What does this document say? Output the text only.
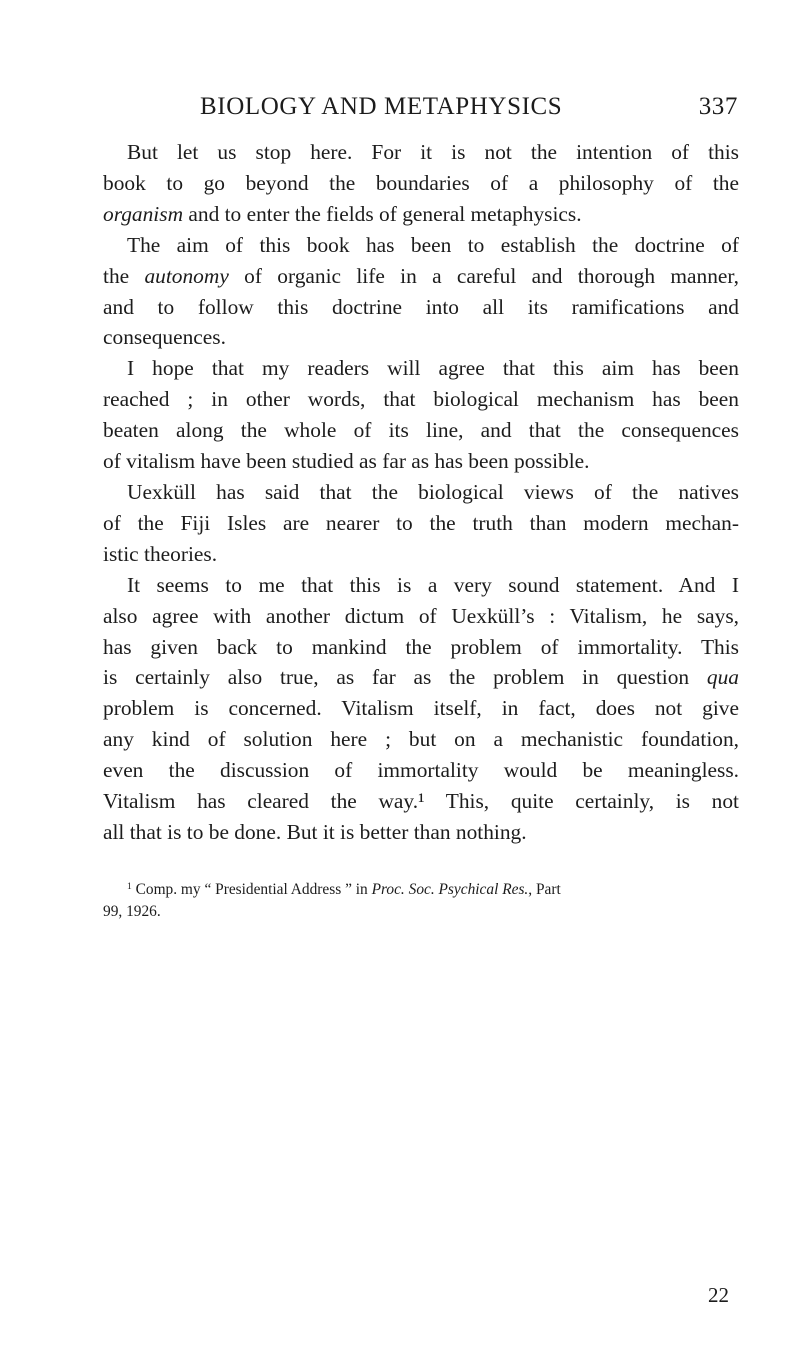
BIOLOGY AND METAPHYSICS	337

But let us stop here. For it is not the intention of this
book to go beyond the boundaries of a philosophy of the
organism and to enter the fields of general metaphysics.

The aim of this book has been to establish the doctrine of
the autonomy of organic life in a careful and thorough manner,
and to follow this doctrine into all its ramifications and
consequences.

I hope that my readers will agree that this aim has been
reached ; in other words, that biological mechanism has been
beaten along the whole of its line, and that the consequences
of vitalism have been studied as far as has been possible.

Uexküll has said that the biological views of the natives
of the Fiji Isles are nearer to the truth than modern mechan-
istic theories.

It seems to me that this is a very sound statement. And I
also agree with another dictum of Uexküll’s : Vitalism, he says,
has given back to mankind the problem of immortality. This
is certainly also true, as far as the problem in question qua
problem is concerned. Vitalism itself, in fact, does not give
any kind of solution here ; but on a mechanistic foundation,
even the discussion of immortality would be meaningless.
Vitalism has cleared the way.¹ This, quite certainly, is not
all that is to be done. But it is better than nothing.

$^1$ Comp. my “ Presidential Address ” in Proc. Soc. Psychical Res., Part
99, 1926.
22
